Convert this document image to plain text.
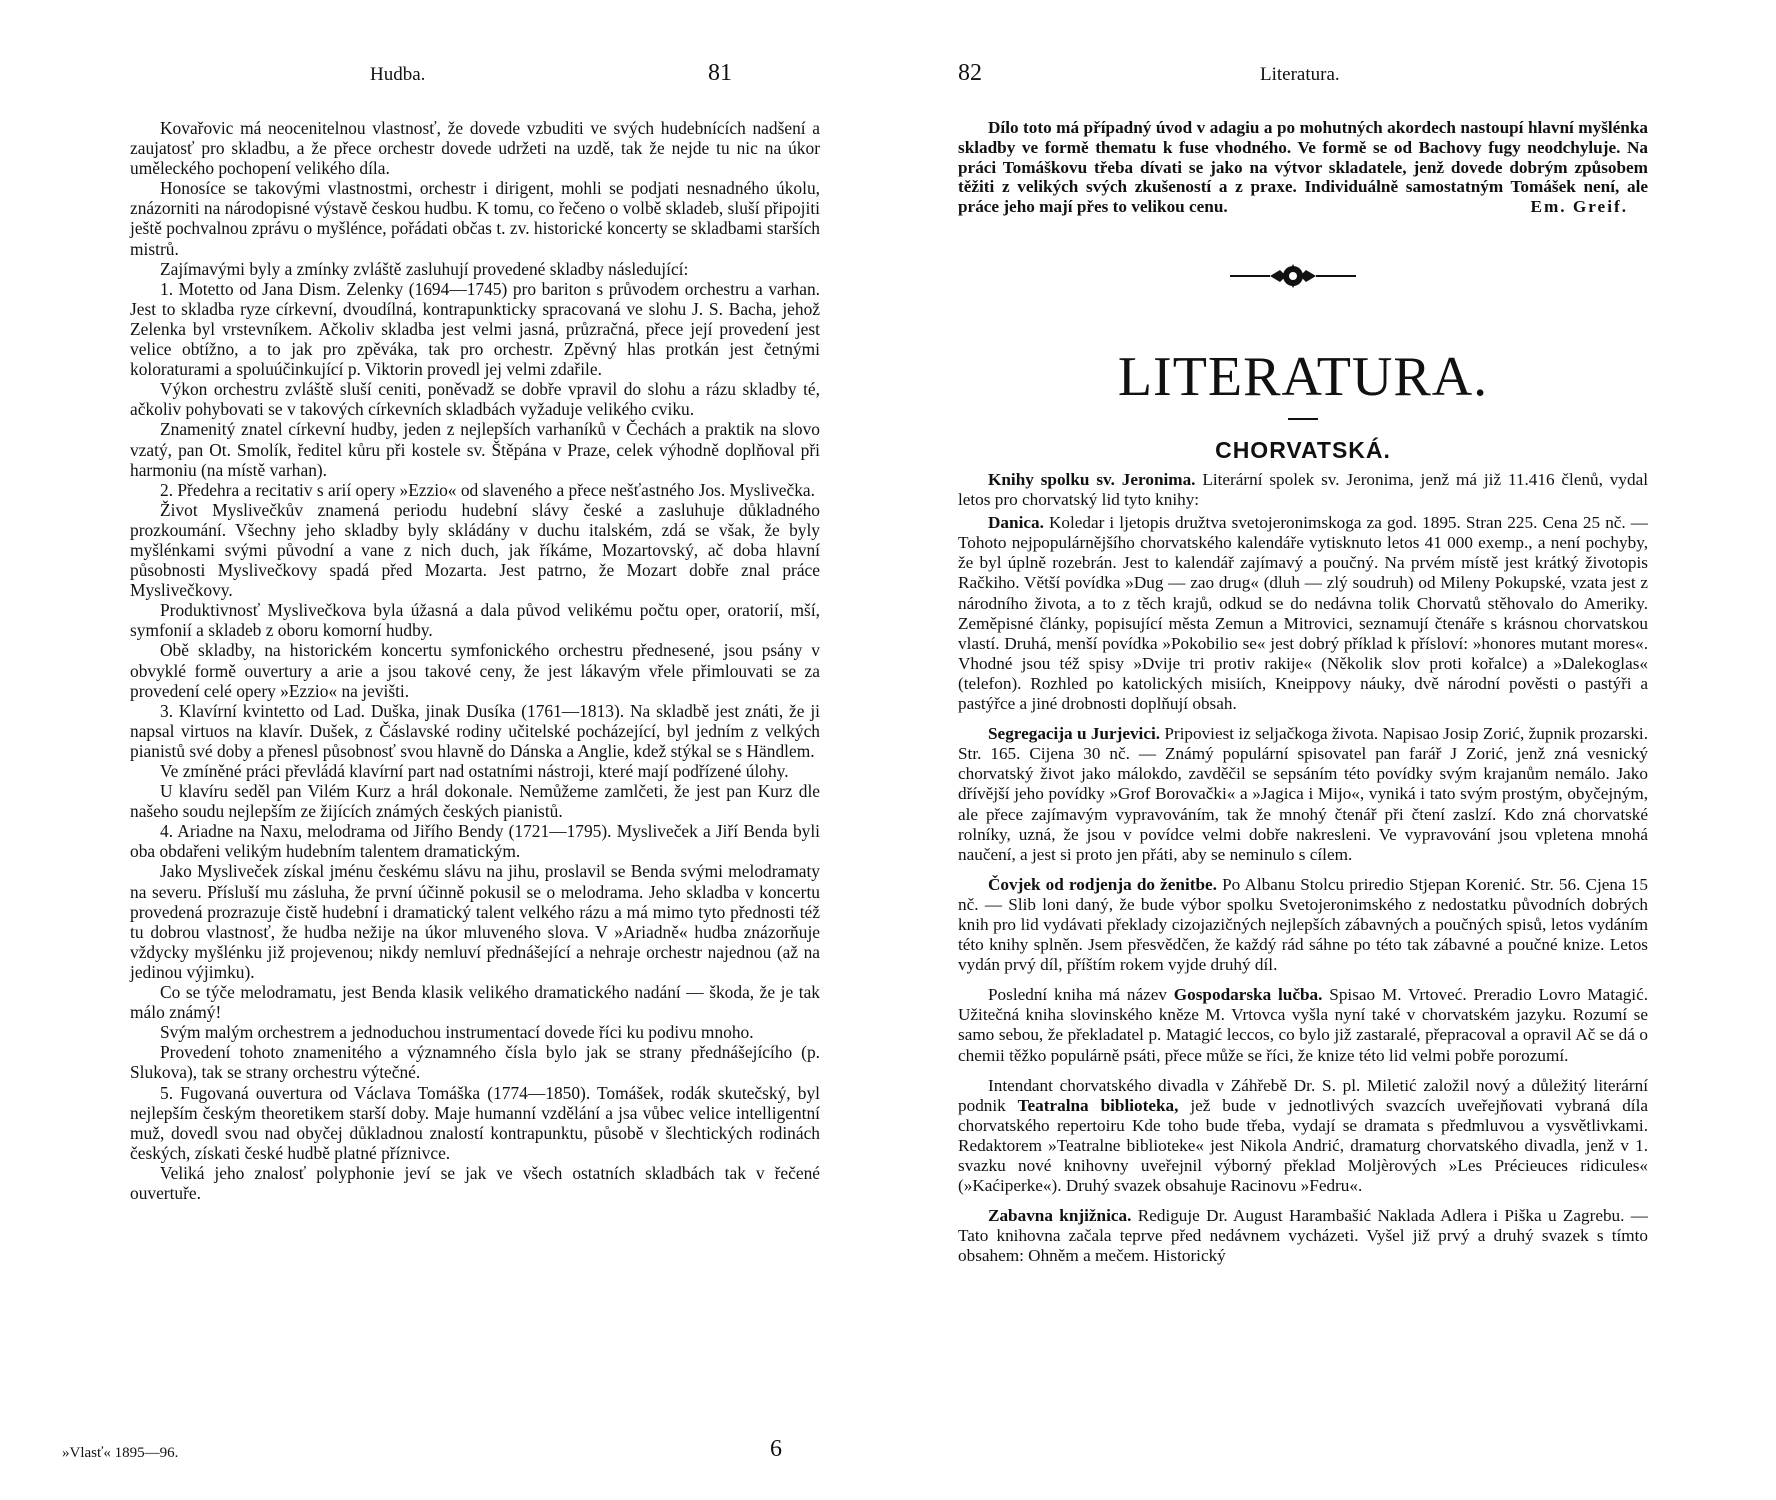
Hudba.	81

Kovařovic má neocenitelnou vlastnosť, že dovede vzbuditi ve svých hudebnících nadšení a zaujatosť pro skladbu, a že přece orchestr dovede udržeti na uzdě, tak že nejde tu nic na úkor uměleckého pochopení velikého díla.

Honosíce se takovými vlastnostmi, orchestr i dirigent, mohli se podjati nesnadného úkolu, znázorniti na národopisné výstavě českou hudbu. K tomu, co řečeno o volbě skladeb, sluší připojiti ještě pochvalnou zprávu o myšlénce, pořádati občas t. zv. historické koncerty se skladbami starších mistrů.

Zajímavými byly a zmínky zvláště zasluhují provedené skladby následující:

1. Motetto od Jana Dism. Zelenky (1694—1745) pro bariton s průvodem orchestru a varhan. Jest to skladba ryze církevní, dvoudílná, kontrapunkticky spracovaná ve slohu J. S. Bacha, jehož Zelenka byl vrstevníkem. Ačkoliv skladba jest velmi jasná, průzračná, přece její provedení jest velice obtížno, a to jak pro zpěváka, tak pro orchestr. Zpěvný hlas protkán jest četnými koloraturami a spoluúčinkující p. Viktorin provedl jej velmi zdařile.

Výkon orchestru zvláště sluší ceniti, poněvadž se dobře vpravil do slohu a rázu skladby té, ačkoliv pohybovati se v takových církevních skladbách vyžaduje velikého cviku.

Znamenitý znatel církevní hudby, jeden z nejlepších varhaníků v Čechách a praktik na slovo vzatý, pan Ot. Smolík, ředitel kůru při kostele sv. Štěpána v Praze, celek výhodně doplňoval při harmoniu (na místě varhan).

2. Předehra a recitativ s arií opery »Ezzio« od slaveného a přece nešťastného Jos. Myslivečka.

Život Myslivečkův znamená periodu hudební slávy české a zasluhuje důkladného prozkoumání. Všechny jeho skladby byly skládány v duchu italském, zdá se však, že byly myšlénkami svými původní a vane z nich duch, jak říkáme, Mozartovský, ač doba hlavní působnosti Myslivečkovy spadá před Mozarta. Jest patrno, že Mozart dobře znal práce Myslivečkovy.

Produktivnosť Myslivečkova byla úžasná a dala původ velikému počtu oper, oratorií, mší, symfonií a skladeb z oboru komorní hudby.

Obě skladby, na historickém koncertu symfonického orchestru přednesené, jsou psány v obvyklé formě ouvertury a arie a jsou takové ceny, že jest lákavým vřele přimlouvati se za provedení celé opery »Ezzio« na jevišti.

3. Klavírní kvintetto od Lad. Duška, jinak Dusíka (1761—1813). Na skladbě jest znáti, že ji napsal virtuos na klavír. Dušek, z Čáslavské rodiny učitelské pocházející, byl jedním z velkých pianistů své doby a přenesl působnosť svou hlavně do Dánska a Anglie, kdež stýkal se s Händlem.

Ve zmíněné práci převládá klavírní part nad ostatními nástroji, které mají podřízené úlohy.

U klavíru seděl pan Vilém Kurz a hrál dokonale. Nemůžeme zamlčeti, že jest pan Kurz dle našeho soudu nejlepším ze žijících známých českých pianistů.

4. Ariadne na Naxu, melodrama od Jiřího Bendy (1721—1795). Mysliveček a Jiří Benda byli oba obdařeni velikým hudebním talentem dramatickým.

Jako Mysliveček získal jménu českému slávu na jihu, proslavil se Benda svými melodramaty na severu. Přísluší mu zásluha, že první účinně pokusil se o melodrama. Jeho skladba v koncertu provedená prozrazuje čistě hudební i dramatický talent velkého rázu a má mimo tyto přednosti též tu dobrou vlastnosť, že hudba nežije na úkor mluveného slova. V »Ariadně« hudba znázorňuje vždycky myšlénku již projevenou; nikdy nemluví přednášející a nehraje orchestr najednou (až na jedinou výjimku).

Co se týče melodramatu, jest Benda klasik velikého dramatického nadání — škoda, že je tak málo známý!

Svým malým orchestrem a jednoduchou instrumentací dovede říci ku podivu mnoho.

Provedení tohoto znamenitého a významného čísla bylo jak se strany přednášejícího (p. Slukova), tak se strany orchestru výtečné.

5. Fugovaná ouvertura od Václava Tomáška (1774—1850). Tomášek, rodák skutečský, byl nejlepším českým theoretikem starší doby. Maje humanní vzdělání a jsa vůbec velice intelligentní muž, dovedl svou nad obyčej důkladnou znalostí kontrapunktu, působě v šlechtických rodinách českých, získati české hudbě platné příznivce.

Veliká jeho znalosť polyphonie jeví se jak ve všech ostatních skladbách tak v řečené ouvertuře.

»Vlasť« 1895—96.	6
82	Literatura.

Dílo toto má případný úvod v adagiu a po mohutných akordech nastoupí hlavní myšlénka skladby ve formě thematu k fuse vhodného. Ve formě se od Bachovy fugy neodchyluje. Na práci Tomáškovu třeba dívati se jako na výtvor skladatele, jenž dovede dobrým způsobem těžiti z velikých svých zkušeností a z praxe. Individuálně samostatným Tomášek není, ale práce jeho mají přes to velikou cenu.	Em. Greif.
LITERATURA.
CHORVATSKÁ.

Knihy spolku sv. Jeronima. Literární spolek sv. Jeronima, jenž má již 11.416 členů, vydal letos pro chorvatský lid tyto knihy:

Danica. Koledar i ljetopis družtva svetojeronimskoga za god. 1895. Stran 225. Cena 25 nč. — Tohoto nejpopulárnějšího chorvatského kalendáře vytisknuto letos 41 000 exemp., a není pochyby, že byl úplně rozebrán. Jest to kalendář zajímavý a poučný. Na prvém místě jest krátký životopis Račkiho. Větší povídka »Dug — zao drug« (dluh — zlý soudruh) od Mileny Pokupské, vzata jest z národního života, a to z těch krajů, odkud se do nedávna tolik Chorvatů stěhovalo do Ameriky. Zeměpisné články, popisující města Zemun a Mitrovici, seznamují čtenáře s krásnou chorvatskou vlastí. Druhá, menší povídka »Pokobilio se« jest dobrý příklad k přísloví: »honores mutant mores«. Vhodné jsou též spisy »Dvije tri protiv rakije« (Několik slov proti kořalce) a »Dalekoglas« (telefon). Rozhled po katolických misiích, Kneippovy náuky, dvě národní pověsti o pastýři a pastýřce a jiné drobnosti doplňují obsah.

Segregacija u Jurjevici. Pripoviest iz seljačkoga života. Napisao Josip Zorić, župnik prozarski. Str. 165. Cijena 30 nč. — Známý populární spisovatel pan farář J Zorić, jenž zná vesnický chorvatský život jako málokdo, zavděčil se sepsáním této povídky svým krajanům nemálo. Jako dřívější jeho povídky »Grof Borovački« a »Jagica i Mijo«, vyniká i tato svým prostým, obyčejným, ale přece zajímavým vypravováním, tak že mnohý čtenář při čtení zaslzí. Kdo zná chorvatské rolníky, uzná, že jsou v povídce velmi dobře nakresleni. Ve vypravování jsou vpletena mnohá naučení, a jest si proto jen přáti, aby se neminulo s cílem.

Čovjek od rodjenja do ženitbe. Po Albanu Stolcu priredio Stjepan Korenić. Str. 56. Cjena 15 nč. — Slib loni daný, že bude výbor spolku Svetojeronimského z nedostatku původních dobrých knih pro lid vydávati překlady cizojazičných nejlepších zábavných a poučných spisů, letos vydáním této knihy splněn. Jsem přesvědčen, že každý rád sáhne po této tak zábavné a poučné knize. Letos vydán prvý díl, příštím rokem vyjde druhý díl.

Poslední kniha má název Gospodarska lučba. Spisao M. Vrtoveć. Preradio Lovro Matagić. Užitečná kniha slovinského kněze M. Vrtovca vyšla nyní také v chorvatském jazyku. Rozumí se samo sebou, že překladatel p. Matagić leccos, co bylo již zastaralé, přepracoval a opravil Ač se dá o chemii těžko populárně psáti, přece může se říci, že knize této lid velmi pobře porozumí.

Intendant chorvatského divadla v Záhřebě Dr. S. pl. Miletić založil nový a důležitý literární podnik Teatralna biblioteka, jež bude v jednotlivých svazcích uveřejňovati vybraná díla chorvatského repertoiru Kde toho bude třeba, vydají se dramata s předmluvou a vysvětlivkami. Redaktorem »Teatralne biblioteke« jest Nikola Andrić, dramaturg chorvatského divadla, jenž v 1. svazku nové knihovny uveřejnil výborný překlad Moljèrových »Les Précieuces ridicules« (»Kaćiperke«). Druhý svazek obsahuje Racinovu »Fedru«.

Zabavna knjižnica. Rediguje Dr. August Harambašić Naklada Adlera i Piška u Zagrebu. — Tato knihovna začala teprve před nedávnem vycházeti. Vyšel již prvý a druhý svazek s tímto obsahem: Ohněm a mečem. Historický
